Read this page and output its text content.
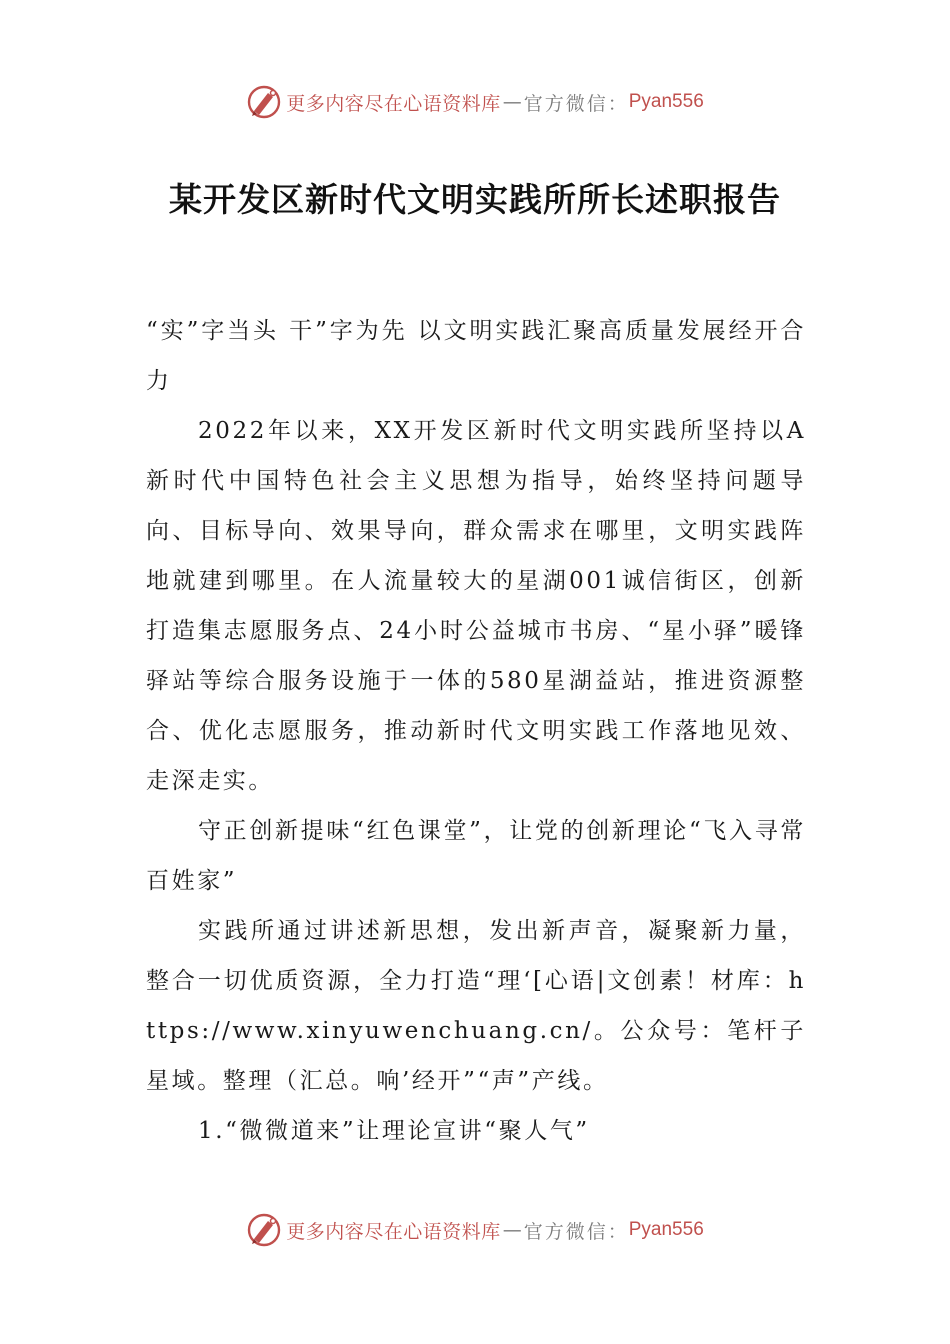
更多内容尽在心语资料库 — 官方微信： Pyan556
某开发区新时代文明实践所所长述职报告

“实”字当头 干”字为先 以文明实践汇聚高质量发展经开合力

2022年以来，XX开发区新时代文明实践所坚持以A新时代中国特色社会主义思想为指导，始终坚持问题导向、目标导向、效果导向，群众需求在哪里，文明实践阵地就建到哪里。在人流量较大的星湖001诚信街区，创新打造集志愿服务点、24小时公益城市书房、“星小驿”暖锋驿站等综合服务设施于一体的580星湖益站，推进资源整合、优化志愿服务，推动新时代文明实践工作落地见效、走深走实。

守正创新提味“红色课堂”，让党的创新理论“飞入寻常百姓家”

实践所通过讲述新思想，发出新声音，凝聚新力量，整合一切优质资源，全力打造“理‘[心语|文创素！材库：https://www.xinyuwenchuang.cn/。公众号：笔杆子星域。整理（汇总。响’经开”“声”产线。

1.“微微道来”让理论宣讲“聚人气”

更多内容尽在心语资料库 — 官方微信： Pyan556
